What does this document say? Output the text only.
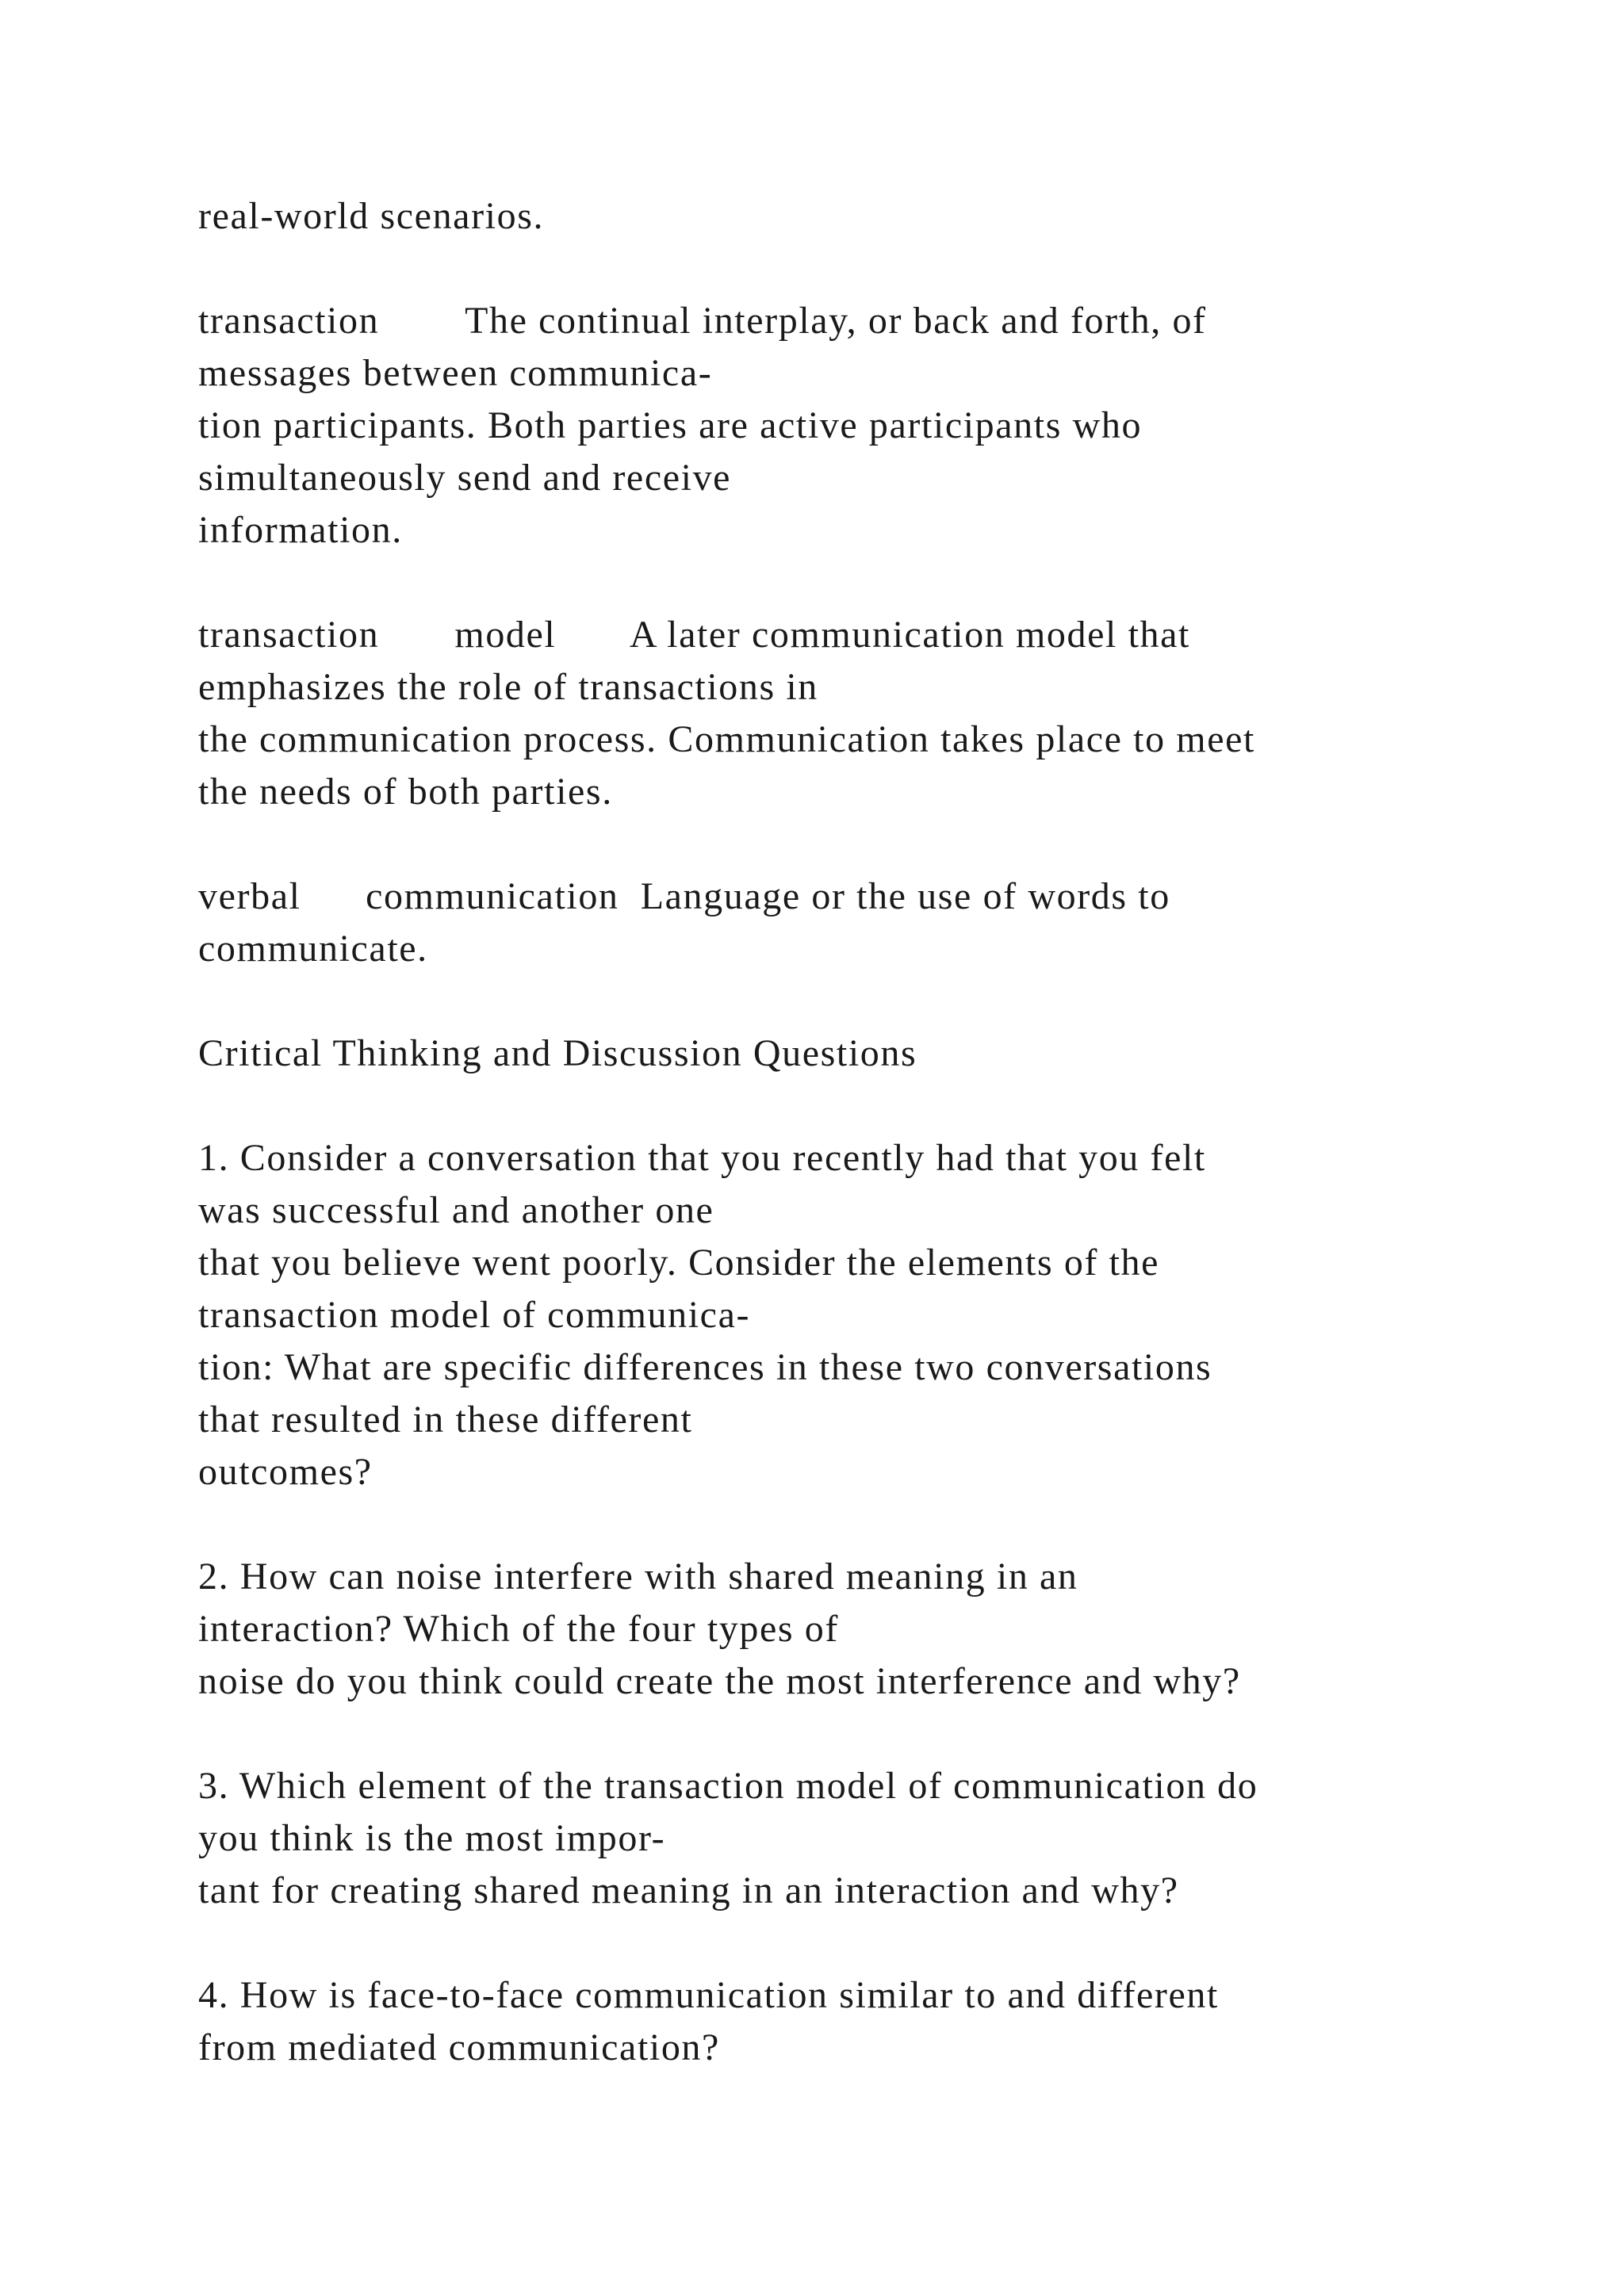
real-world scenarios.
transaction        The continual interplay, or back and forth, of
messages between communica-
tion participants. Both parties are active participants who
simultaneously send and receive
information.
transaction       model       A later communication model that
emphasizes the role of transactions in
the communication process. Communication takes place to meet
the needs of both parties.
verbal      communication  Language or the use of words to
communicate.
Critical Thinking and Discussion Questions
1. Consider a conversation that you recently had that you felt
was successful and another one
that you believe went poorly. Consider the elements of the
transaction model of communica-
tion: What are specific differences in these two conversations
that resulted in these different
outcomes?
2. How can noise interfere with shared meaning in an
interaction? Which of the four types of
noise do you think could create the most interference and why?
3. Which element of the transaction model of communication do
you think is the most impor-
tant for creating shared meaning in an interaction and why?
4. How is face-to-face communication similar to and different
from mediated communication?
